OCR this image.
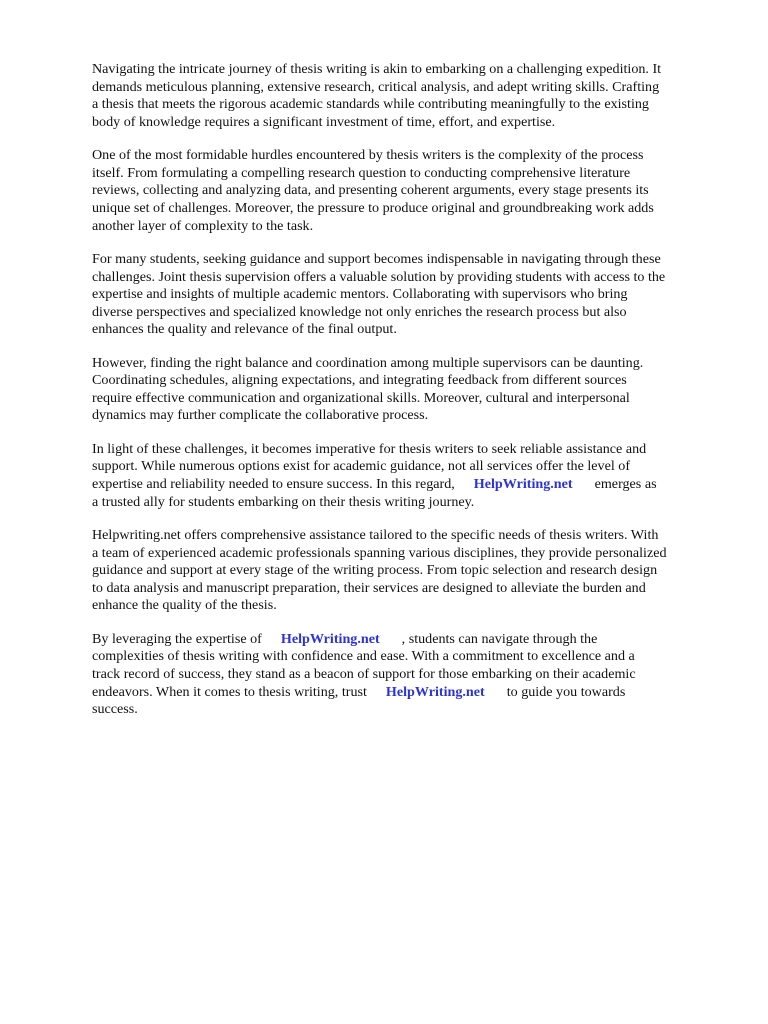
Navigating the intricate journey of thesis writing is akin to embarking on a challenging expedition. It
demands meticulous planning, extensive research, critical analysis, and adept writing skills. Crafting
a thesis that meets the rigorous academic standards while contributing meaningfully to the existing
body of knowledge requires a significant investment of time, effort, and expertise.

One of the most formidable hurdles encountered by thesis writers is the complexity of the process
itself. From formulating a compelling research question to conducting comprehensive literature
reviews, collecting and analyzing data, and presenting coherent arguments, every stage presents its
unique set of challenges. Moreover, the pressure to produce original and groundbreaking work adds
another layer of complexity to the task.

For many students, seeking guidance and support becomes indispensable in navigating through these
challenges. Joint thesis supervision offers a valuable solution by providing students with access to the
expertise and insights of multiple academic mentors. Collaborating with supervisors who bring
diverse perspectives and specialized knowledge not only enriches the research process but also
enhances the quality and relevance of the final output.

However, finding the right balance and coordination among multiple supervisors can be daunting.
Coordinating schedules, aligning expectations, and integrating feedback from different sources
require effective communication and organizational skills. Moreover, cultural and interpersonal
dynamics may further complicate the collaborative process.

In light of these challenges, it becomes imperative for thesis writers to seek reliable assistance and
support. While numerous options exist for academic guidance, not all services offer the level of
expertise and reliability needed to ensure success. In this regard, HelpWriting.net emerges as
a trusted ally for students embarking on their thesis writing journey.

Helpwriting.net offers comprehensive assistance tailored to the specific needs of thesis writers. With
a team of experienced academic professionals spanning various disciplines, they provide personalized
guidance and support at every stage of the writing process. From topic selection and research design
to data analysis and manuscript preparation, their services are designed to alleviate the burden and
enhance the quality of the thesis.

By leveraging the expertise of HelpWriting.net , students can navigate through the
complexities of thesis writing with confidence and ease. With a commitment to excellence and a
track record of success, they stand as a beacon of support for those embarking on their academic
endeavors. When it comes to thesis writing, trust HelpWriting.net to guide you towards
success.
